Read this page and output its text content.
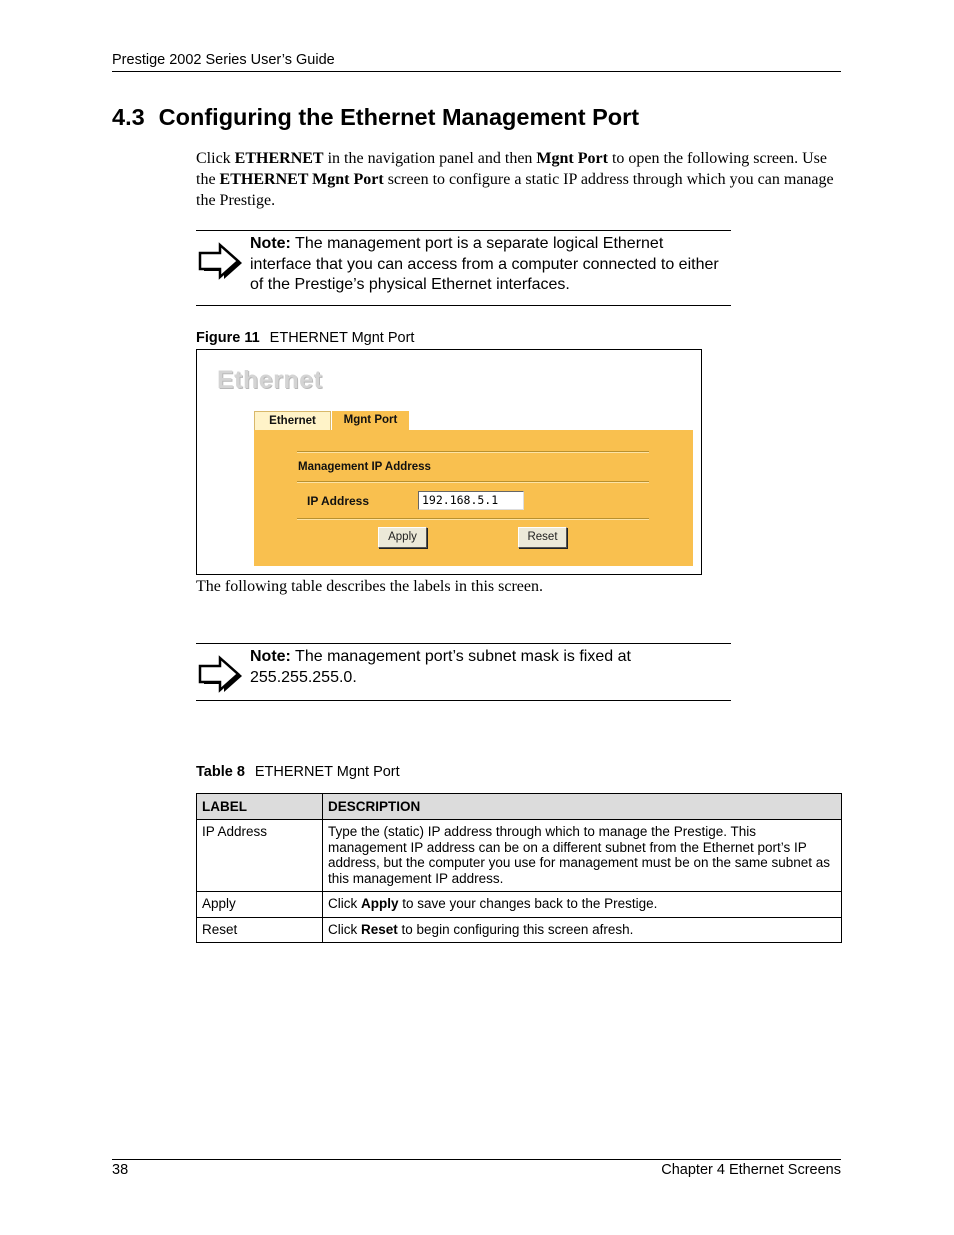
Prestige 2002 Series User’s Guide
4.3 Configuring the Ethernet Management Port
Click ETHERNET in the navigation panel and then Mgnt Port to open the following screen. Use the ETHERNET Mgnt Port screen to configure a static IP address through which you can manage the Prestige.
Note: The management port is a separate logical Ethernet interface that you can access from a computer connected to either of the Prestige’s physical Ethernet interfaces.
Figure 11 ETHERNET Mgnt Port
Ethernet
Ethernet	Mgnt Port
Management IP Address
IP Address	192.168.5.1
Apply	Reset
The following table describes the labels in this screen.
Note: The management port’s subnet mask is fixed at 255.255.255.0.
Table 8 ETHERNET Mgnt Port
LABEL	DESCRIPTION
IP Address	Type the (static) IP address through which to manage the Prestige. This management IP address can be on a different subnet from the Ethernet port’s IP address, but the computer you use for management must be on the same subnet as this management IP address.
Apply	Click Apply to save your changes back to the Prestige.
Reset	Click Reset to begin configuring this screen afresh.
38	Chapter 4 Ethernet Screens
